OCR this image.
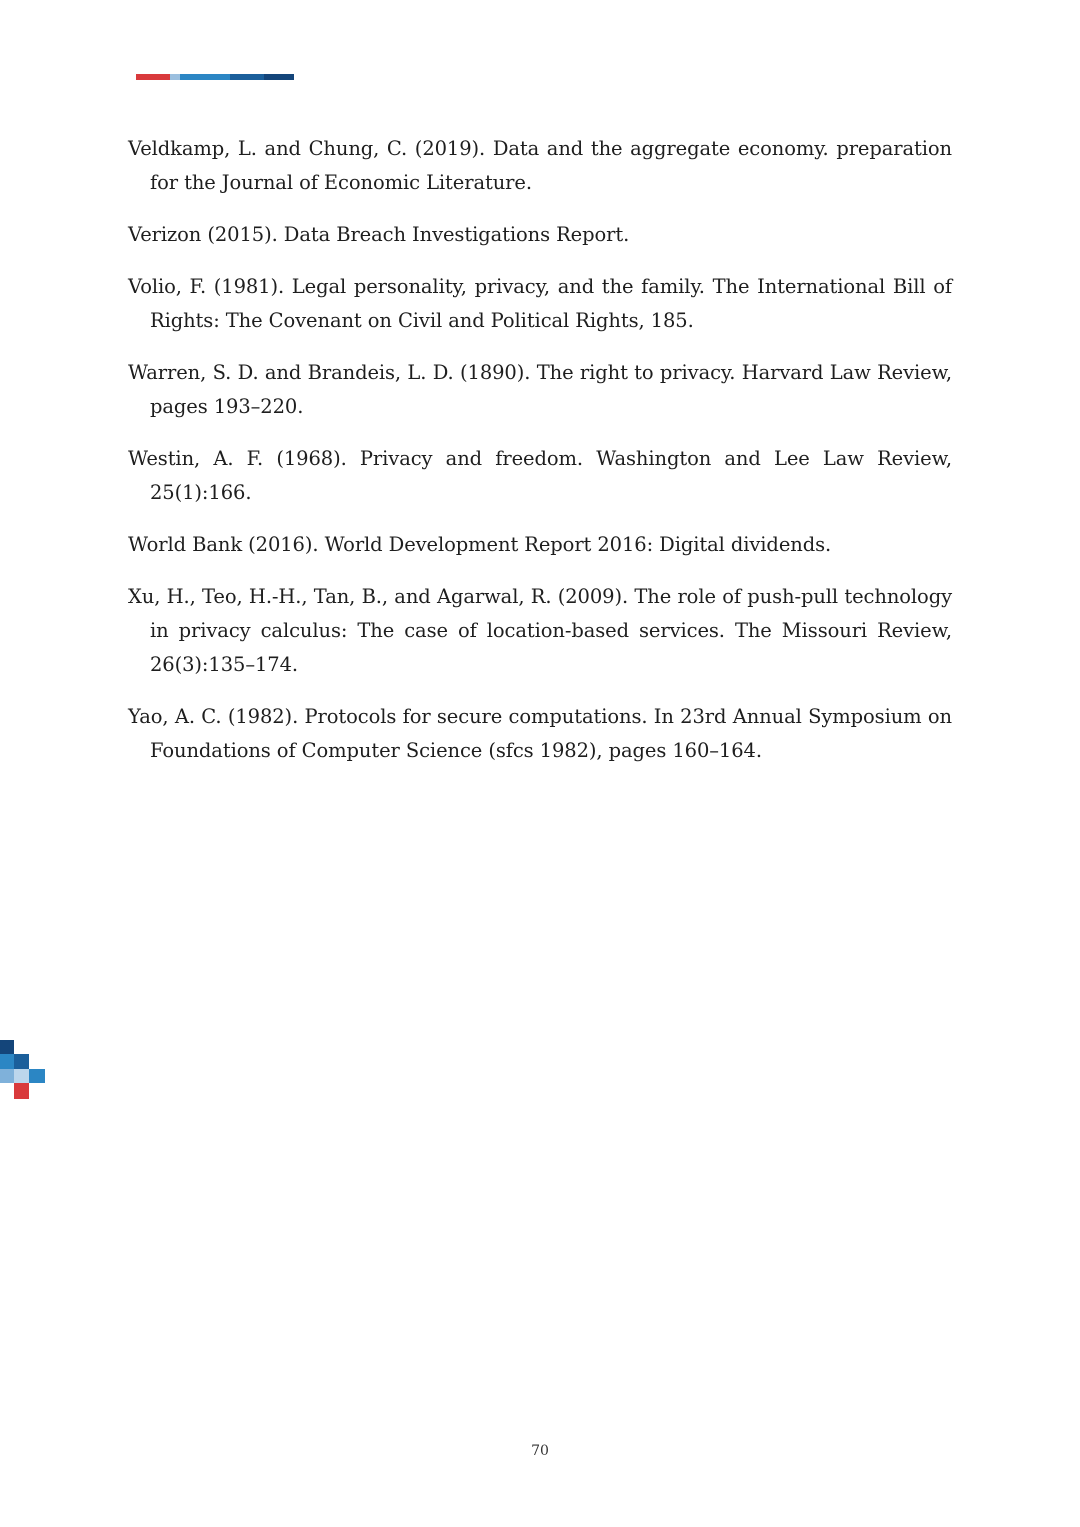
Veldkamp, L. and Chung, C. (2019). Data and the aggregate economy. preparation for the Journal of Economic Literature.

Verizon (2015). Data Breach Investigations Report.

Volio, F. (1981). Legal personality, privacy, and the family. The International Bill of Rights: The Covenant on Civil and Political Rights, 185.

Warren, S. D. and Brandeis, L. D. (1890). The right to privacy. Harvard Law Review, pages 193–220.

Westin, A. F. (1968). Privacy and freedom. Washington and Lee Law Review, 25(1):166.

World Bank (2016). World Development Report 2016: Digital dividends.

Xu, H., Teo, H.-H., Tan, B., and Agarwal, R. (2009). The role of push-pull technology in privacy calculus: The case of location-based services. The Missouri Review, 26(3):135–174.

Yao, A. C. (1982). Protocols for secure computations. In 23rd Annual Symposium on Foundations of Computer Science (sfcs 1982), pages 160–164.

70
